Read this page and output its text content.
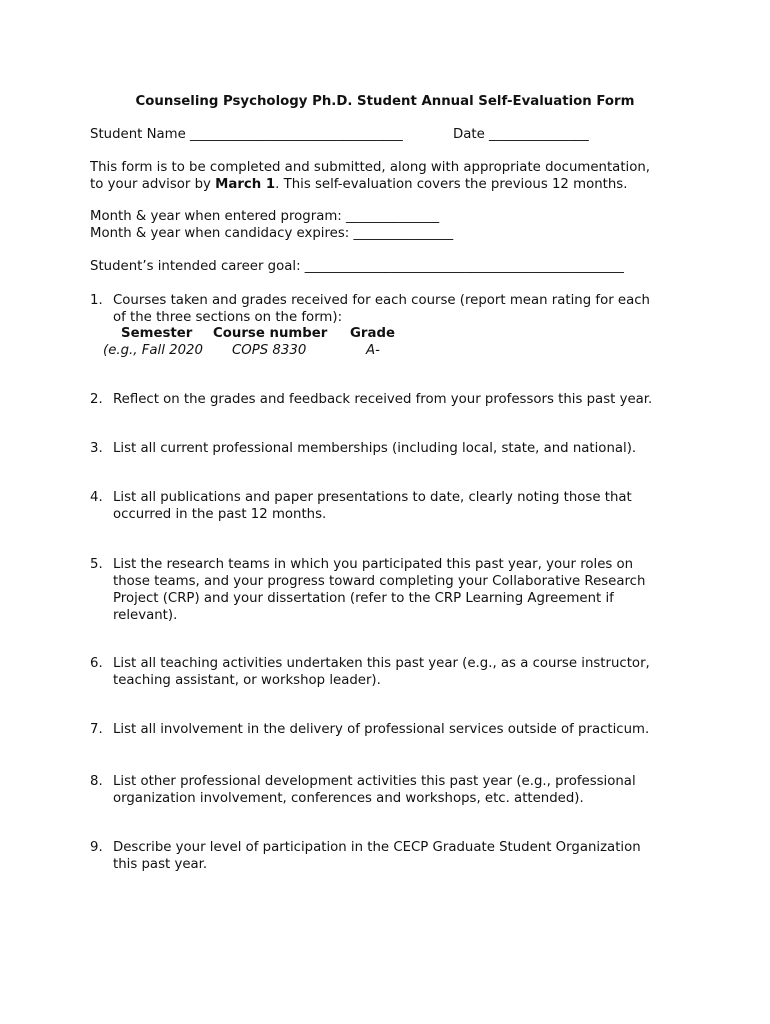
Counseling Psychology Ph.D. Student Annual Self-Evaluation Form
Student Name ________________________________	Date _______________
This form is to be completed and submitted, along with appropriate documentation,
to your advisor by March 1. This self-evaluation covers the previous 12 months.
Month & year when entered program: ______________
Month & year when candidacy expires: _______________
Student’s intended career goal: ________________________________________________
1. Courses taken and grades received for each course (report mean rating for each
of the three sections on the form):
Semester Course number Grade
(e.g., Fall 2020 COPS 8330	A-
2. Reflect on the grades and feedback received from your professors this past year.
3. List all current professional memberships (including local, state, and national).
4. List all publications and paper presentations to date, clearly noting those that
occurred in the past 12 months.
5. List the research teams in which you participated this past year, your roles on
those teams, and your progress toward completing your Collaborative Research
Project (CRP) and your dissertation (refer to the CRP Learning Agreement if
relevant).
6. List all teaching activities undertaken this past year (e.g., as a course instructor,
teaching assistant, or workshop leader).
7. List all involvement in the delivery of professional services outside of practicum.
8. List other professional development activities this past year (e.g., professional
organization involvement, conferences and workshops, etc. attended).
9. Describe your level of participation in the CECP Graduate Student Organization
this past year.
